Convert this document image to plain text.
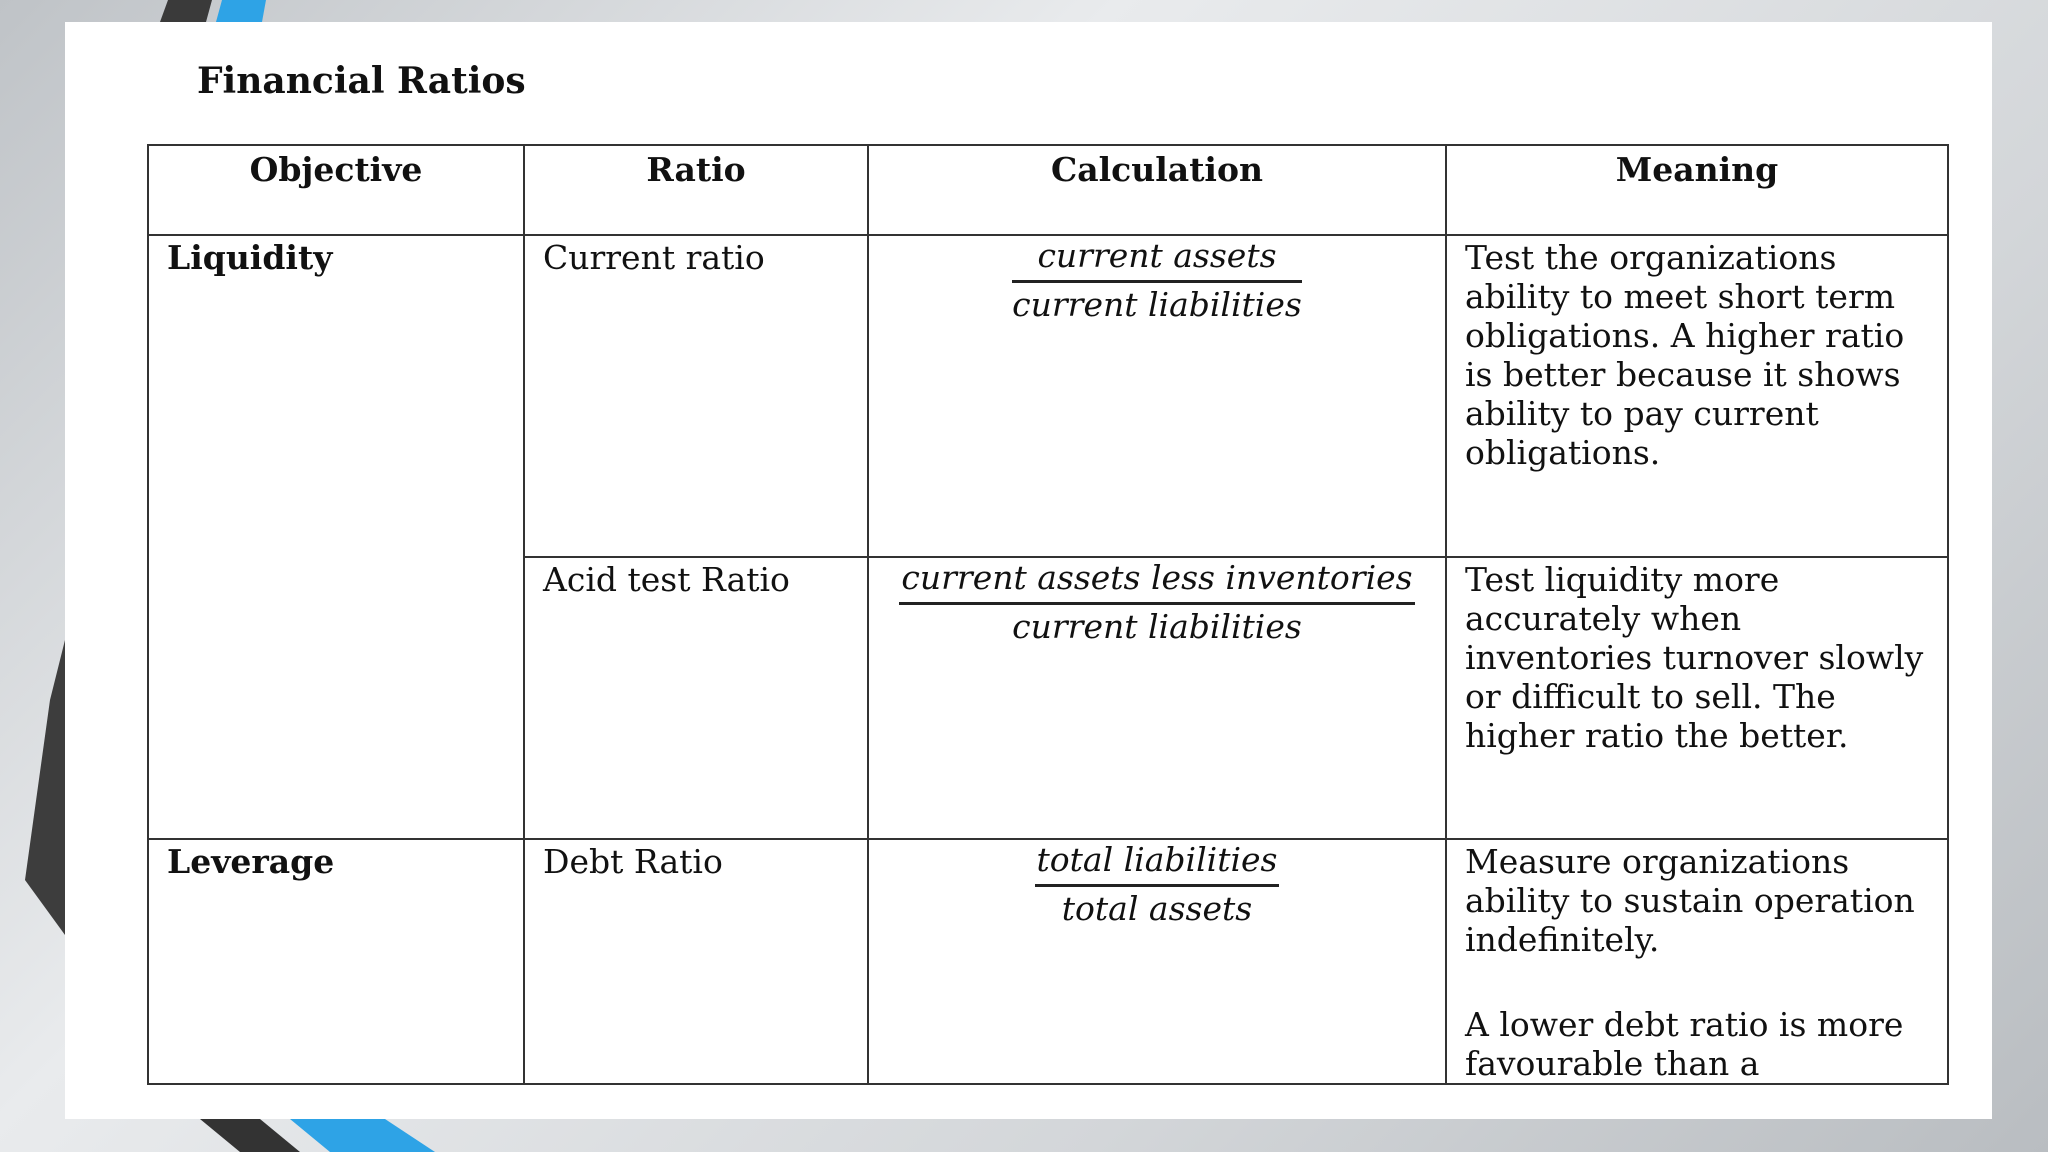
Financial Ratios
Objective	Ratio	Calculation	Meaning
Liquidity	Current ratio	$\frac{\text{current assets}}{\text{current liabilities}}$	Test the organizations ability to meet short term obligations. A higher ratio is better because it shows ability to pay current obligations.
	Acid test Ratio	$\frac{\text{current assets less inventories}}{\text{current liabilities}}$	Test liquidity more accurately when inventories turnover slowly or difficult to sell. The higher ratio the better.
Leverage	Debt Ratio	$\frac{\text{total liabilities}}{\text{total assets}}$	Measure organizations ability to sustain operation indefinitely.
A lower debt ratio is more favourable than a
